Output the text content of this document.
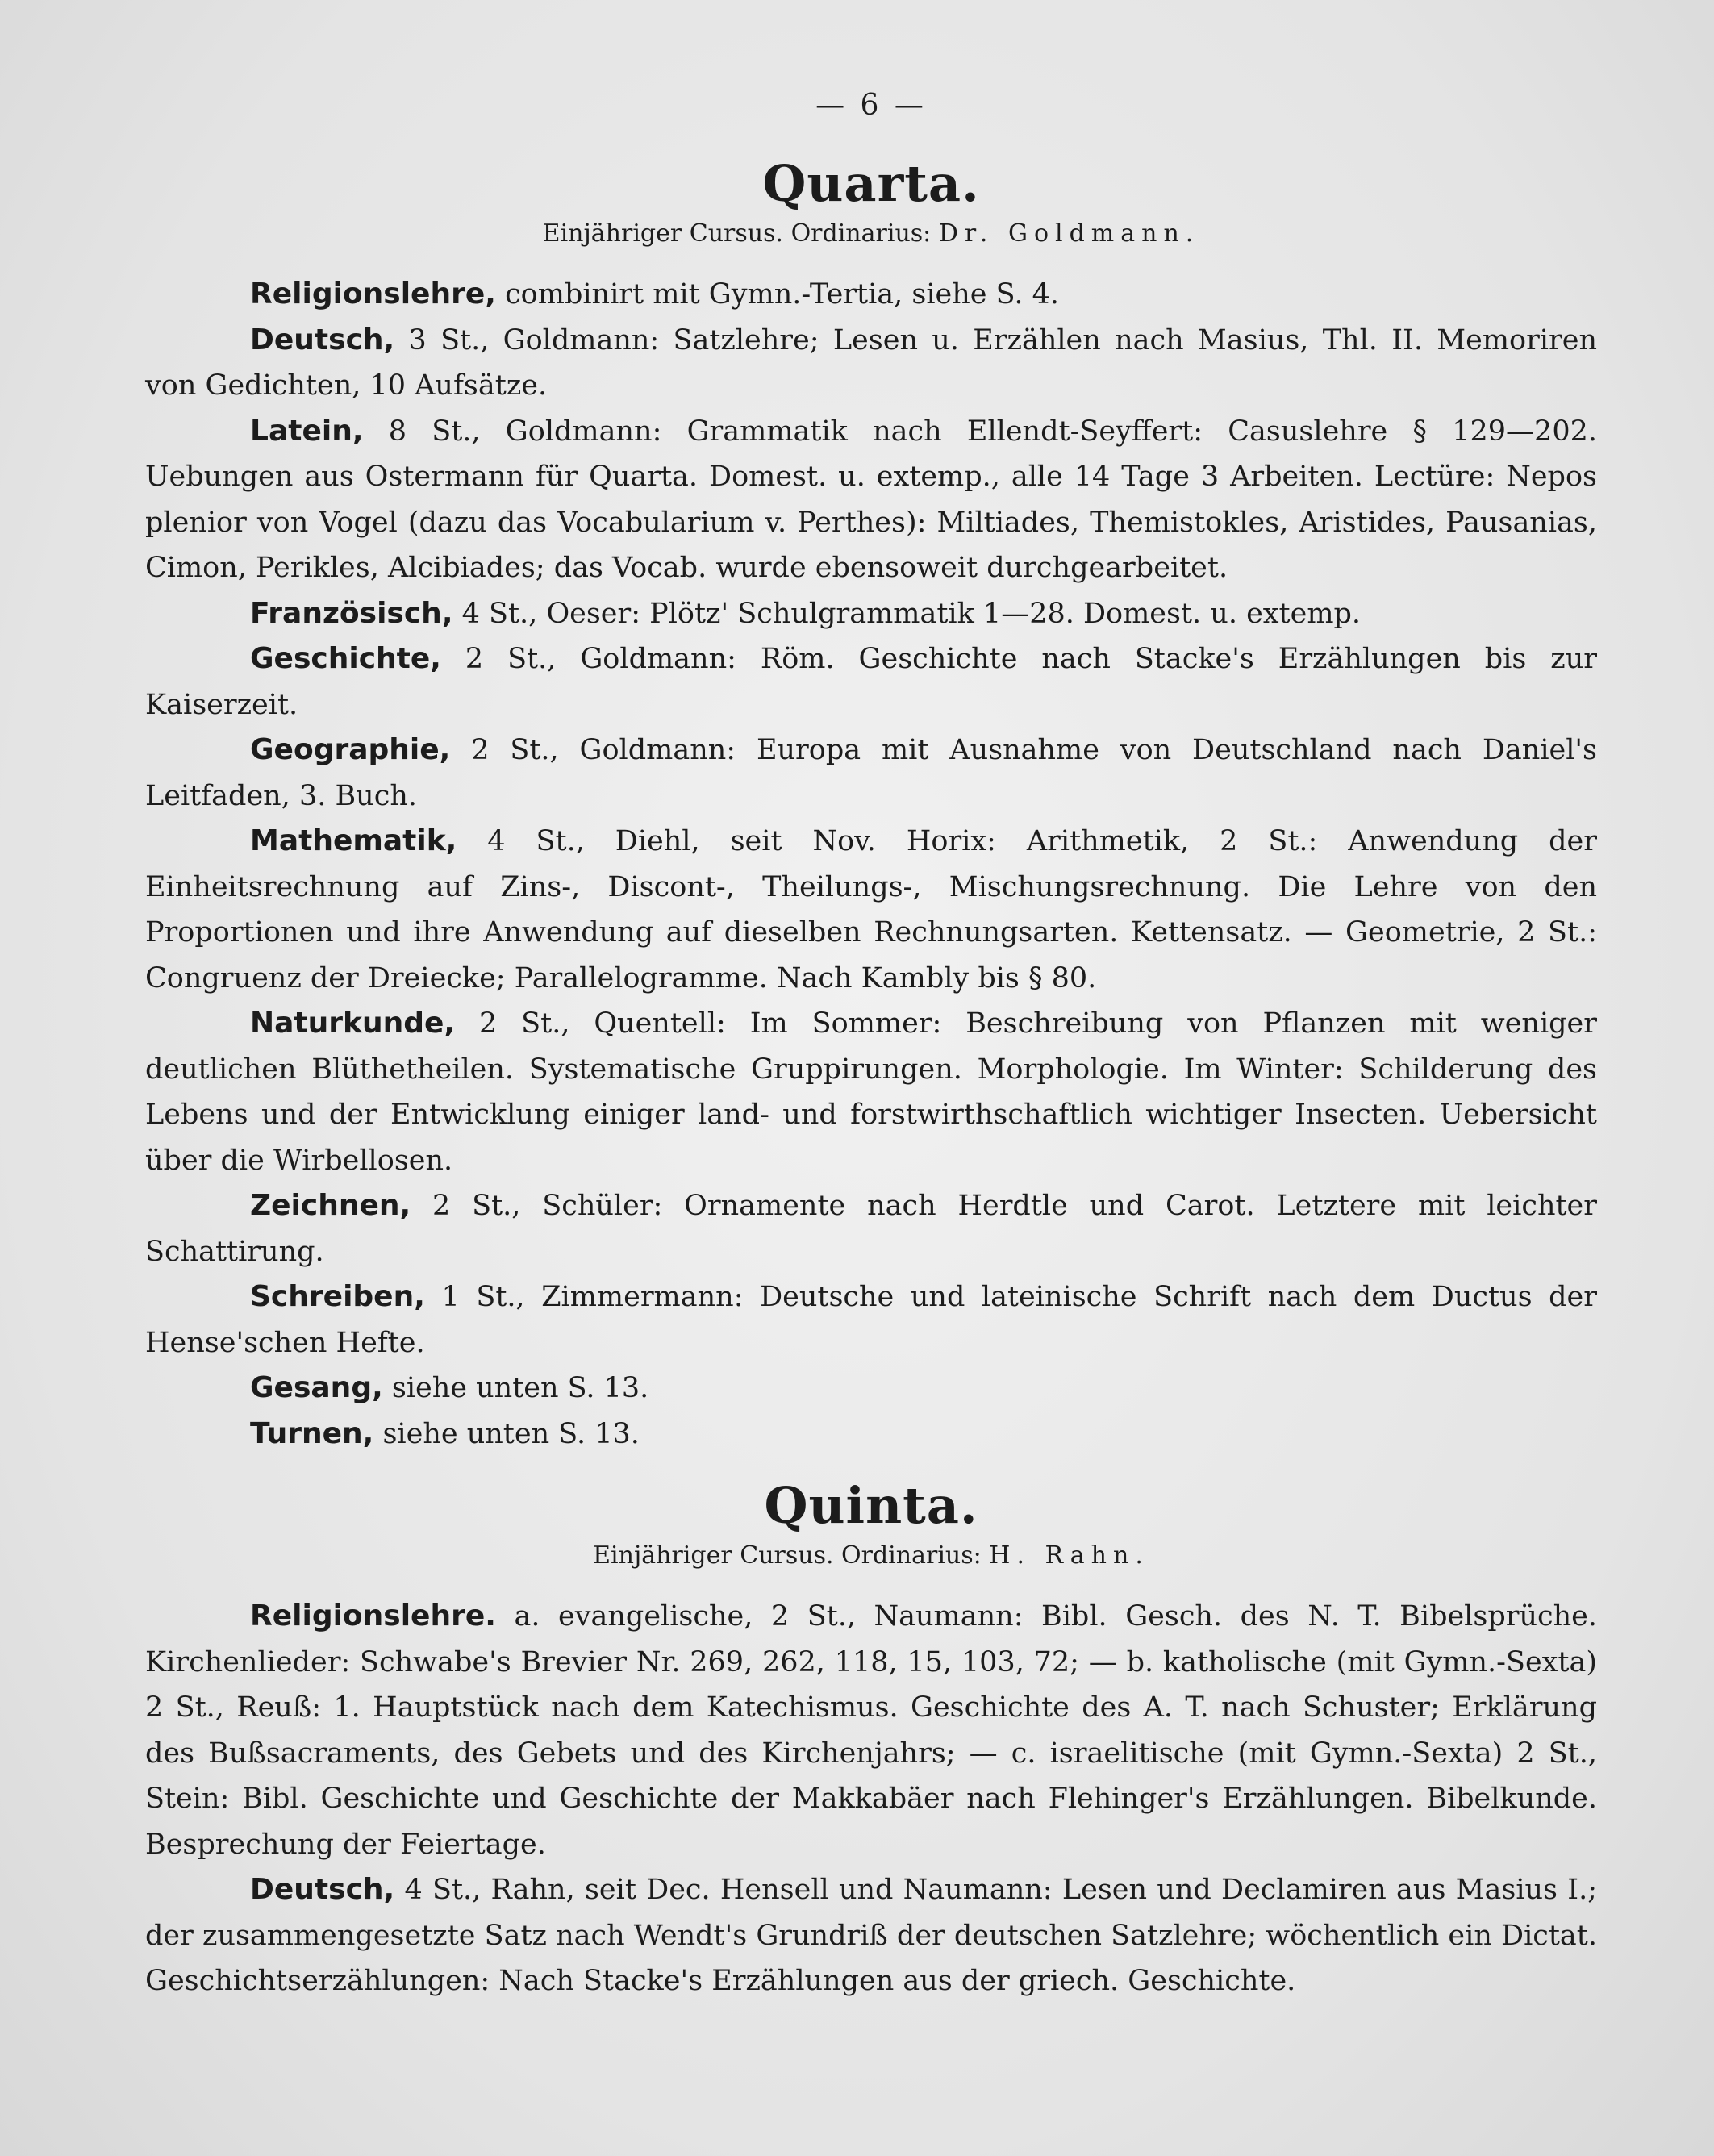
— 6 —
Quarta.
Einjähriger Cursus. Ordinarius: Dr. Goldmann.

Religionslehre, combinirt mit Gymn.-Tertia, siehe S. 4.

Deutsch, 3 St., Goldmann: Satzlehre; Lesen u. Erzählen nach Masius, Thl. II. Memoriren von Gedichten, 10 Aufsätze.

Latein, 8 St., Goldmann: Grammatik nach Ellendt-Seyffert: Casuslehre § 129—202. Uebungen aus Ostermann für Quarta. Domest. u. extemp., alle 14 Tage 3 Arbeiten. Lectüre: Nepos plenior von Vogel (dazu das Vocabularium v. Perthes): Miltiades, Themistokles, Aristides, Pausanias, Cimon, Perikles, Alcibiades; das Vocab. wurde ebensoweit durchgearbeitet.

Französisch, 4 St., Oeser: Plötz' Schulgrammatik 1—28. Domest. u. extemp.

Geschichte, 2 St., Goldmann: Röm. Geschichte nach Stacke's Erzählungen bis zur Kaiserzeit.

Geographie, 2 St., Goldmann: Europa mit Ausnahme von Deutschland nach Daniel's Leitfaden, 3. Buch.

Mathematik, 4 St., Diehl, seit Nov. Horix: Arithmetik, 2 St.: Anwendung der Einheitsrechnung auf Zins-, Discont-, Theilungs-, Mischungsrechnung. Die Lehre von den Proportionen und ihre Anwendung auf dieselben Rechnungsarten. Kettensatz. — Geometrie, 2 St.: Congruenz der Dreiecke; Parallelogramme. Nach Kambly bis § 80.

Naturkunde, 2 St., Quentell: Im Sommer: Beschreibung von Pflanzen mit weniger deutlichen Blüthetheilen. Systematische Gruppirungen. Morphologie. Im Winter: Schilderung des Lebens und der Entwicklung einiger land- und forstwirthschaftlich wichtiger Insecten. Uebersicht über die Wirbellosen.

Zeichnen, 2 St., Schüler: Ornamente nach Herdtle und Carot. Letztere mit leichter Schattirung.

Schreiben, 1 St., Zimmermann: Deutsche und lateinische Schrift nach dem Ductus der Hense'schen Hefte.

Gesang, siehe unten S. 13.

Turnen, siehe unten S. 13.

Quinta.
Einjähriger Cursus. Ordinarius: H. Rahn.

Religionslehre. a. evangelische, 2 St., Naumann: Bibl. Gesch. des N. T. Bibelsprüche. Kirchenlieder: Schwabe's Brevier Nr. 269, 262, 118, 15, 103, 72; — b. katholische (mit Gymn.-Sexta) 2 St., Reuß: 1. Hauptstück nach dem Katechismus. Geschichte des A. T. nach Schuster; Erklärung des Bußsacraments, des Gebets und des Kirchenjahrs; — c. israelitische (mit Gymn.-Sexta) 2 St., Stein: Bibl. Geschichte und Geschichte der Makkabäer nach Flehinger's Erzählungen. Bibelkunde. Besprechung der Feiertage.

Deutsch, 4 St., Rahn, seit Dec. Hensell und Naumann: Lesen und Declamiren aus Masius I.; der zusammengesetzte Satz nach Wendt's Grundriß der deutschen Satzlehre; wöchentlich ein Dictat. Geschichtserzählungen: Nach Stacke's Erzählungen aus der griech. Geschichte.
